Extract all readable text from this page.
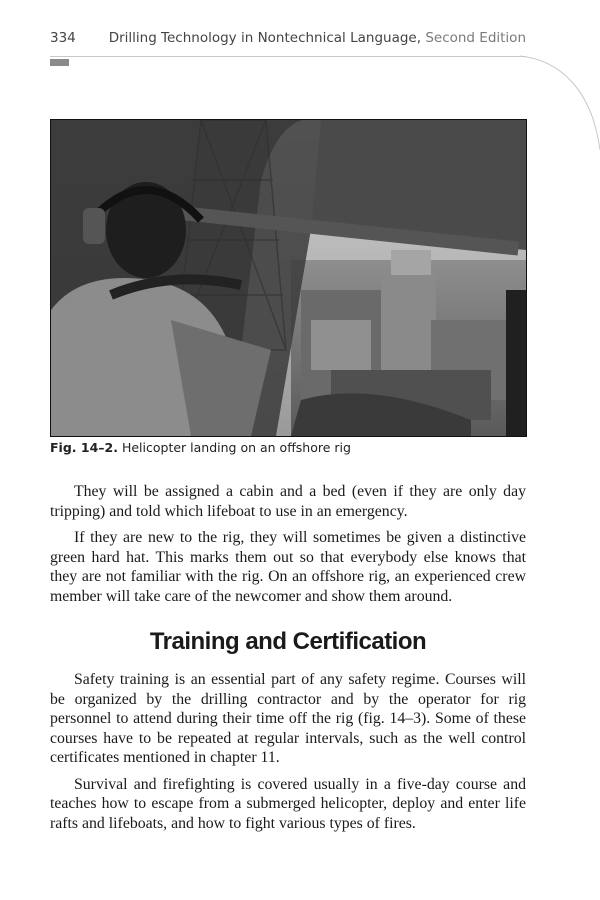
334 Drilling Technology in Nontechnical Language, Second Edition
Fig. 14–2. Helicopter landing on an offshore rig

They will be assigned a cabin and a bed (even if they are only day tripping) and told which lifeboat to use in an emergency.

If they are new to the rig, they will sometimes be given a distinctive green hard hat. This marks them out so that everybody else knows that they are not familiar with the rig. On an offshore rig, an experienced crew member will take care of the newcomer and show them around.

Training and Certification

Safety training is an essential part of any safety regime. Courses will be organized by the drilling contractor and by the operator for rig personnel to attend during their time off the rig (fig. 14–3). Some of these courses have to be repeated at regular intervals, such as the well control certificates mentioned in chapter 11.

Survival and firefighting is covered usually in a five-day course and teaches how to escape from a submerged helicopter, deploy and enter life rafts and lifeboats, and how to fight various types of fires.
